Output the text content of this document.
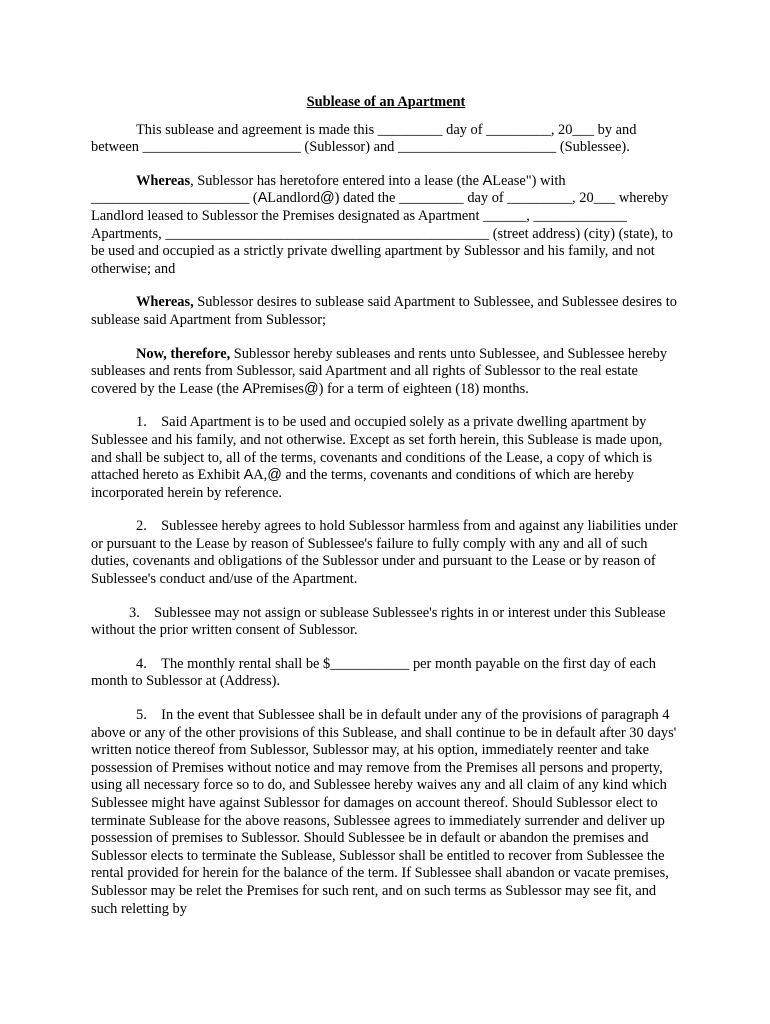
Sublease of an Apartment

This sublease and agreement is made this _________ day of _________, 20___ by and between ______________________ (Sublessor) and ______________________ (Sublessee).

Whereas, Sublessor has heretofore entered into a lease (the ALease") with ______________________ (ALandlord@) dated the _________ day of _________, 20___ whereby Landlord leased to Sublessor the Premises designated as Apartment ______, _____________ Apartments, _____________________________________________ (street address) (city) (state), to be used and occupied as a strictly private dwelling apartment by Sublessor and his family, and not otherwise; and

Whereas, Sublessor desires to sublease said Apartment to Sublessee, and Sublessee desires to sublease said Apartment from Sublessor;

Now, therefore, Sublessor hereby subleases and rents unto Sublessee, and Sublessee hereby subleases and rents from Sublessor, said Apartment and all rights of Sublessor to the real estate covered by the Lease (the APremises@) for a term of eighteen (18) months.

1.    Said Apartment is to be used and occupied solely as a private dwelling apartment by Sublessee and his family, and not otherwise. Except as set forth herein, this Sublease is made upon, and shall be subject to, all of the terms, covenants and conditions of the Lease, a copy of which is attached hereto as Exhibit AA,@ and the terms, covenants and conditions of which are hereby incorporated herein by reference.

2.    Sublessee hereby agrees to hold Sublessor harmless from and against any liabilities under or pursuant to the Lease by reason of Sublessee's failure to fully comply with any and all of such duties, covenants and obligations of the Sublessor under and pursuant to the Lease or by reason of Sublessee's conduct and/use of the Apartment.

3.    Sublessee may not assign or sublease Sublessee's rights in or interest under this Sublease without the prior written consent of Sublessor.

4.    The monthly rental shall be $___________ per month payable on the first day of each month to Sublessor at (Address).

5.    In the event that Sublessee shall be in default under any of the provisions of paragraph 4 above or any of the other provisions of this Sublease, and shall continue to be in default after 30 days' written notice thereof from Sublessor, Sublessor may, at his option, immediately reenter and take possession of Premises without notice and may remove from the Premises all persons and property, using all necessary force so to do, and Sublessee hereby waives any and all claim of any kind which Sublessee might have against Sublessor for damages on account thereof. Should Sublessor elect to terminate Sublease for the above reasons, Sublessee agrees to immediately surrender and deliver up possession of premises to Sublessor. Should Sublessee be in default or abandon the premises and Sublessor elects to terminate the Sublease, Sublessor shall be entitled to recover from Sublessee the rental provided for herein for the balance of the term. If Sublessee shall abandon or vacate premises, Sublessor may be relet the Premises for such rent, and on such terms as Sublessor may see fit, and such reletting by
